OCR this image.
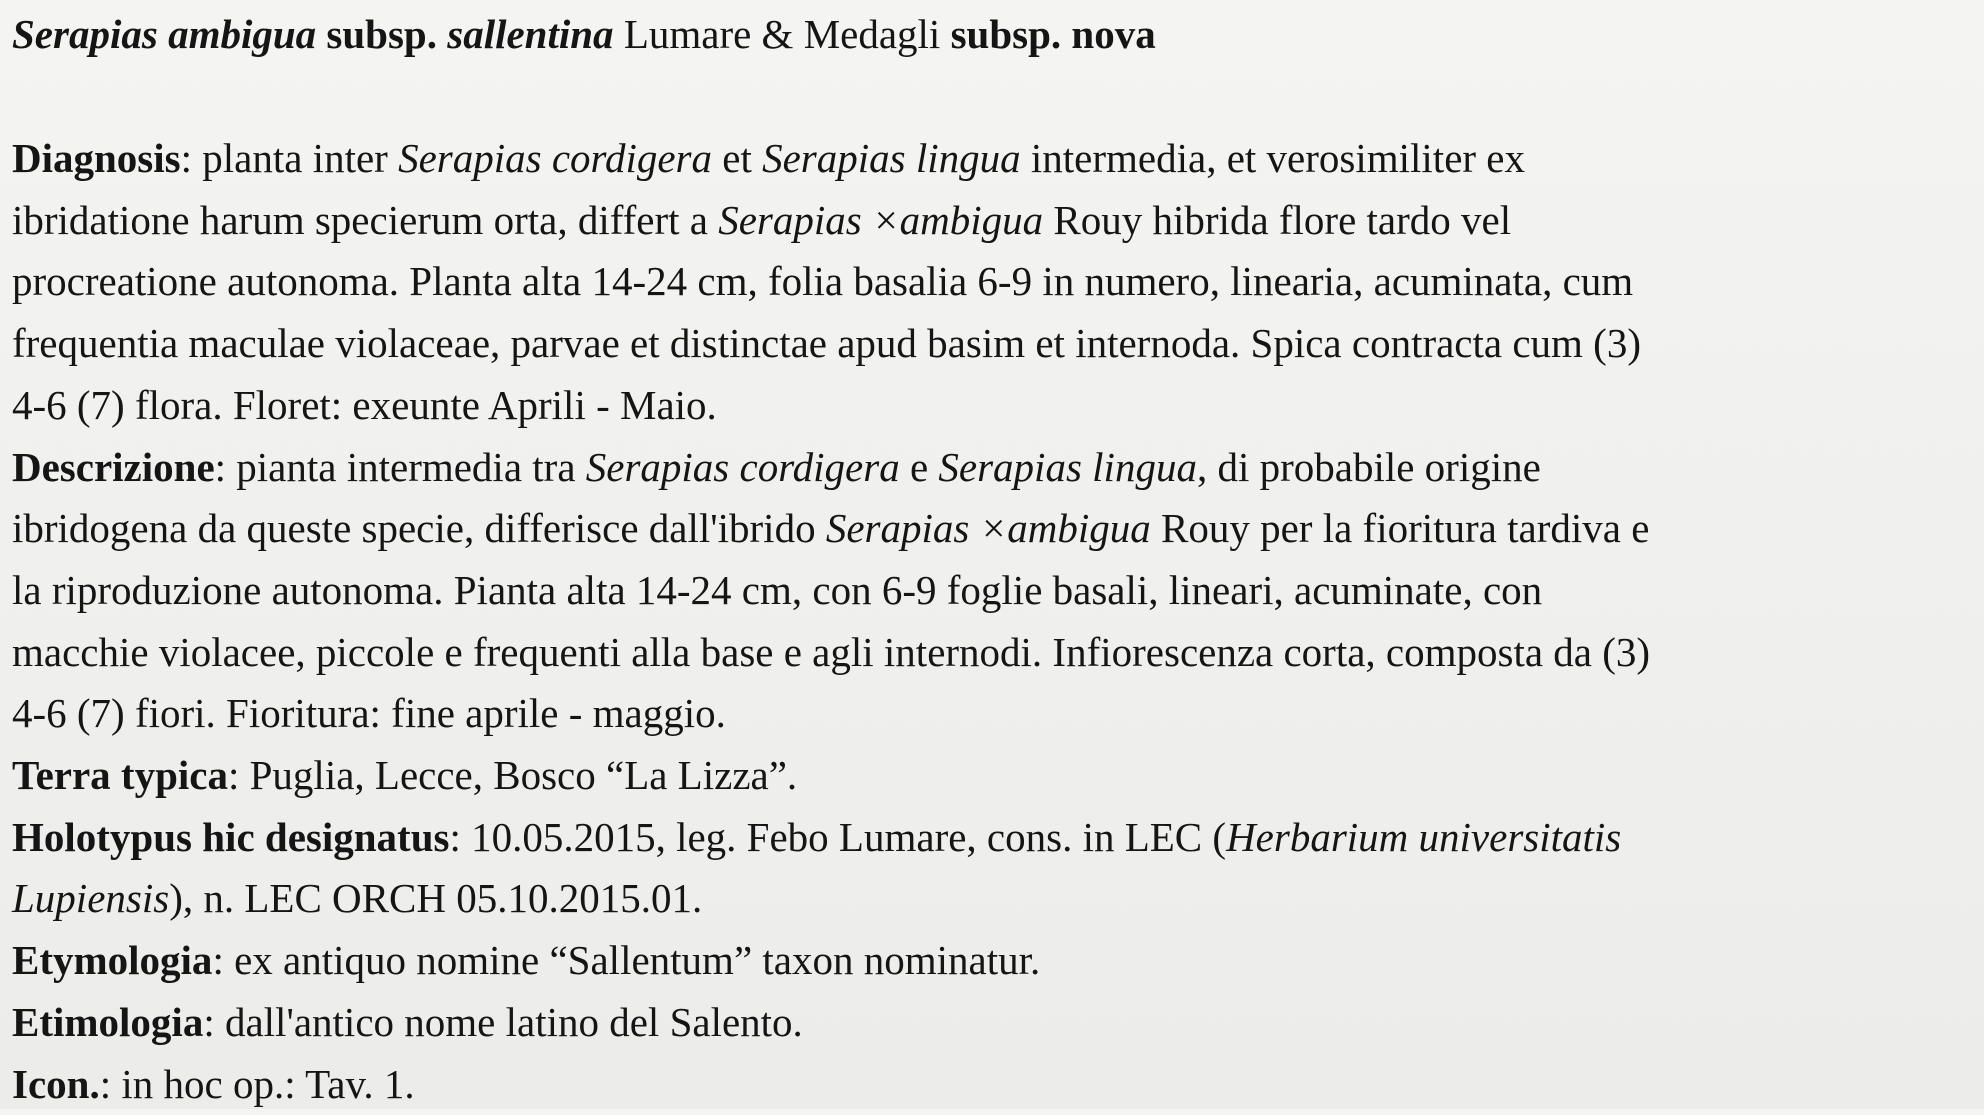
Serapias ambigua subsp. sallentina Lumare & Medagli subsp. nova
Diagnosis: planta inter Serapias cordigera et Serapias lingua intermedia, et verosimiliter ex
ibridatione harum specierum orta, differt a Serapias ×ambigua Rouy hibrida flore tardo vel
procreatione autonoma. Planta alta 14-24 cm, folia basalia 6-9 in numero, linearia, acuminata, cum
frequentia maculae violaceae, parvae et distinctae apud basim et internoda. Spica contracta cum (3)
4-6 (7) flora. Floret: exeunte Aprili - Maio.
Descrizione: pianta intermedia tra Serapias cordigera e Serapias lingua, di probabile origine
ibridogena da queste specie, differisce dall'ibrido Serapias ×ambigua Rouy per la fioritura tardiva e
la riproduzione autonoma. Pianta alta 14-24 cm, con 6-9 foglie basali, lineari, acuminate, con
macchie violacee, piccole e frequenti alla base e agli internodi. Infiorescenza corta, composta da (3)
4-6 (7) fiori. Fioritura: fine aprile - maggio.
Terra typica: Puglia, Lecce, Bosco “La Lizza”.
Holotypus hic designatus: 10.05.2015, leg. Febo Lumare, cons. in LEC (Herbarium universitatis
Lupiensis), n. LEC ORCH 05.10.2015.01.
Etymologia: ex antiquo nomine “Sallentum” taxon nominatur.
Etimologia: dall'antico nome latino del Salento.
Icon.: in hoc op.: Tav. 1.
